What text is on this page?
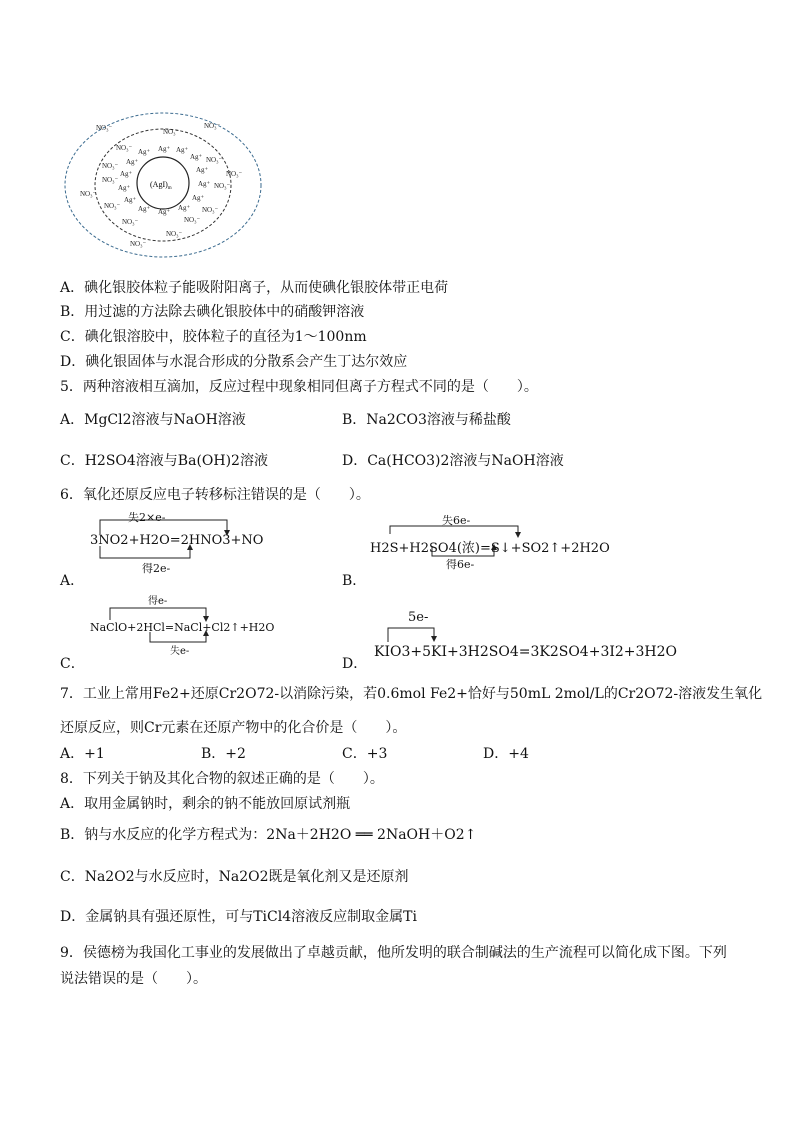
$(AgI)_m$
Ag⁺ Ag⁺ Ag⁺
Ag⁺
Ag⁺
Ag⁺
Ag⁺
Ag⁺
Ag⁺
Ag⁺
Ag⁺
Ag⁺
Ag⁺
Ag⁺
NO₃⁻	NO₃⁻
NO₃⁻
NO₃⁻
NO₃⁻
NO₃⁻
NO₃⁻
NO₃⁻
NO₃⁻
NO₃⁻
NO₃⁻	NO₃⁻
NO₃⁻	NO₃⁻
NO₃⁻
NO₃⁻
A．碘化银胶体粒子能吸附阳离子，从而使碘化银胶体带正电荷
B．用过滤的方法除去碘化银胶体中的硝酸钾溶液
C．碘化银溶胶中，胶体粒子的直径为1～100nm
D．碘化银固体与水混合形成的分散系会产生丁达尔效应
5．两种溶液相互滴加，反应过程中现象相同但离子方程式不同的是（　　）。
A．MgCl2溶液与NaOH溶液	B．Na2CO3溶液与稀盐酸
C．H2SO4溶液与Ba(OH)2溶液	D．Ca(HCO3)2溶液与NaOH溶液
6．氧化还原反应电子转移标注错误的是（　　）。
失2×e-
3NO2+H2O=2HNO3+NO
得2e-
A．
失6e-
H2S+H2SO4(浓)=S↓+SO2↑+2H2O
得6e-
B．
得e-
NaClO+2HCl=NaCl+Cl2↑+H2O
失e-
C．
5e-
KIO3+5KI+3H2SO4=3K2SO4+3I2+3H2O
D．
7．工业上常用Fe2+还原Cr2O72-以消除污染，若0.6mol Fe2+恰好与50mL 2mol/L的Cr2O72-溶液发生氧化
还原反应，则Cr元素在还原产物中的化合价是（　　）。
A．+1	B．+2	C．+3	D．+4
8．下列关于钠及其化合物的叙述正确的是（　　）。
A．取用金属钠时，剩余的钠不能放回原试剂瓶
B．钠与水反应的化学方程式为：2Na＋2H2O ══ 2NaOH＋O2↑
C．Na2O2与水反应时，Na2O2既是氧化剂又是还原剂
D．金属钠具有强还原性，可与TiCl4溶液反应制取金属Ti
9．侯德榜为我国化工事业的发展做出了卓越贡献，他所发明的联合制碱法的生产流程可以简化成下图。下列
说法错误的是（　　）。
